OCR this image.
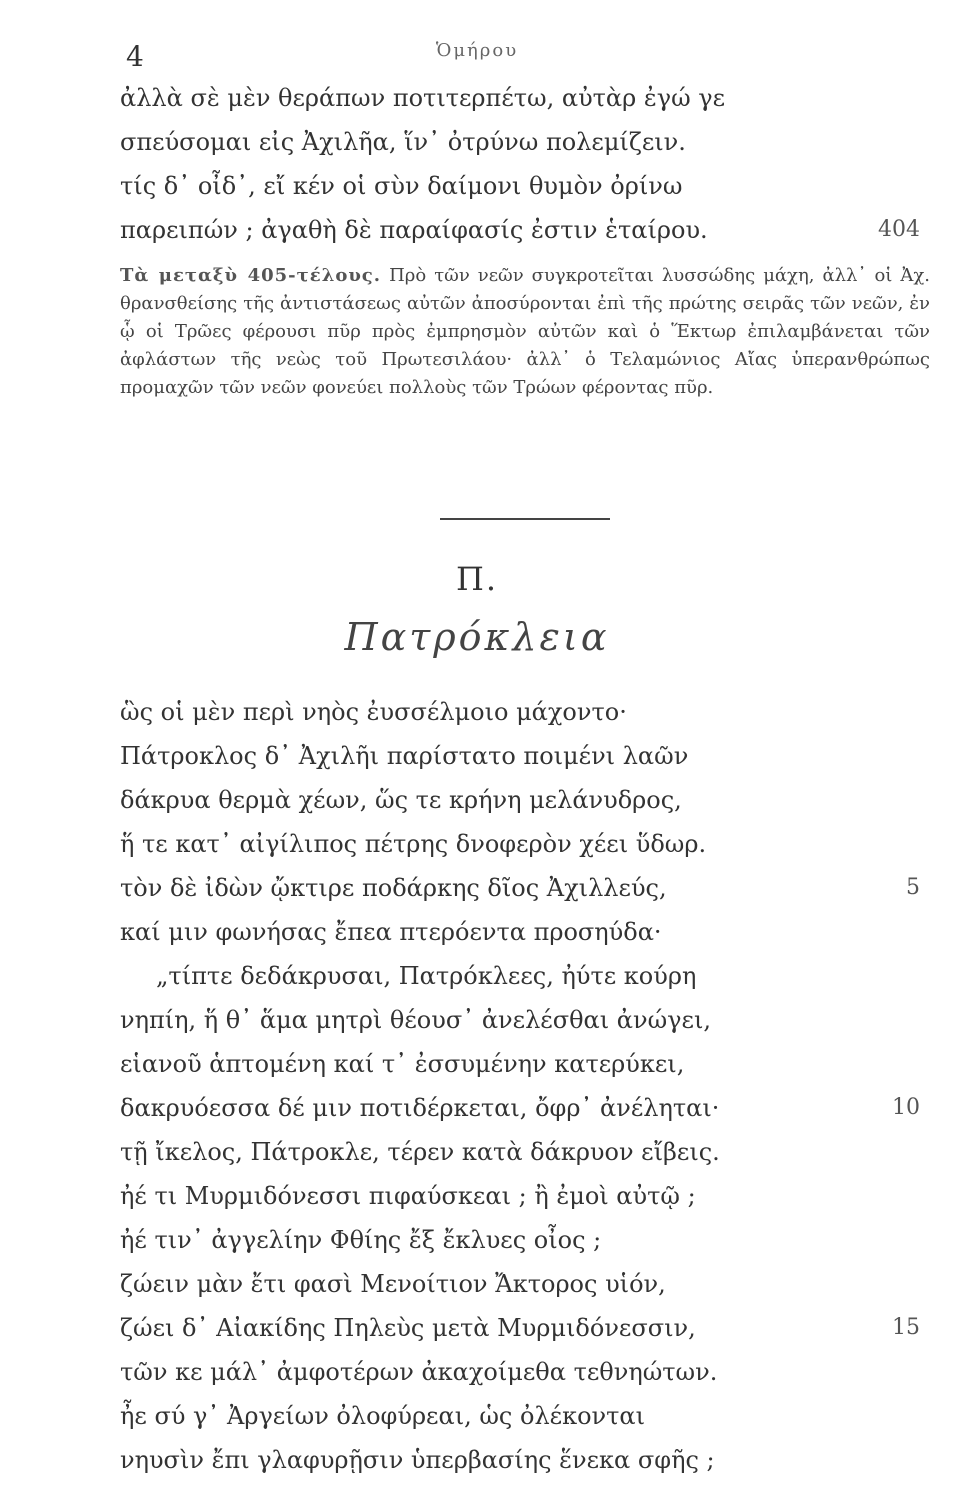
4	Ὁμήρου
ἀλλὰ σὲ μὲν θεράπων ποτιτερπέτω, αὐτὰρ ἐγώ γε
σπεύσομαι εἰς Ἀχιλῆα, ἵν᾽ ὀτρύνω πολεμίζειν.
τίς δ᾽ οἶδ᾽, εἴ κέν οἱ σὺν δαίμονι θυμὸν ὀρίνω
παρειπών ; ἀγαθὴ δὲ παραίφασίς ἐστιν ἑταίρου.	404
Τὰ μεταξὺ 405-τέλους. Πρὸ τῶν νεῶν συγκροτεῖται λυσσώδης μάχη, ἀλλ᾽ οἱ Ἀχ. θρανσθείσης τῆς ἀντιστάσεως αὐτῶν ἀποσύρονται ἐπὶ τῆς πρώτης σειρᾶς τῶν νεῶν, ἐν ᾧ οἱ Τρῶες φέρουσι πῦρ πρὸς ἐμπρησμὸν αὐτῶν καὶ ὁ Ἕκτωρ ἐπιλαμβάνεται τῶν ἀφλάστων τῆς νεὼς τοῦ Πρωτεσιλάου· ἀλλ᾽ ὁ Τελαμώνιος Αἴας ὑπερανθρώπως προμαχῶν τῶν νεῶν φονεύει πολλοὺς τῶν Τρώων φέροντας πῦρ.
Π.
Πατρόκλεια
ὣς οἱ μὲν περὶ νηὸς ἐυσσέλμοιο μάχοντο·
Πάτροκλος δ᾽ Ἀχιλῆι παρίστατο ποιμένι λαῶν
δάκρυα θερμὰ χέων, ὥς τε κρήνη μελάνυδρος,
ἥ τε κατ᾽ αἰγίλιπος πέτρης δνοφερὸν χέει ὕδωρ.
τὸν δὲ ἰδὼν ᾤκτιρε ποδάρκης δῖος Ἀχιλλεύς,	5
καί μιν φωνήσας ἔπεα πτερόεντα προσηύδα·
„τίπτε δεδάκρυσαι, Πατρόκλεες, ἠύτε κούρη
νηπίη, ἥ θ᾽ ἅμα μητρὶ θέουσ᾽ ἀνελέσθαι ἀνώγει,
εἱανοῦ ἁπτομένη καί τ᾽ ἐσσυμένην κατερύκει,
δακρυόεσσα δέ μιν ποτιδέρκεται, ὄφρ᾽ ἀνέληται·	10
τῇ ἴκελος, Πάτροκλε, τέρεν κατὰ δάκρυον εἴβεις.
ἠέ τι Μυρμιδόνεσσι πιφαύσκεαι ; ἢ ἐμοὶ αὐτῷ ;
ἠέ τιν᾽ ἀγγελίην Φθίης ἔξ ἔκλυες οἶος ;
ζώειν μὰν ἔτι φασὶ Μενοίτιον Ἄκτορος υἱόν,
ζώει δ᾽ Αἰακίδης Πηλεὺς μετὰ Μυρμιδόνεσσιν,	15
τῶν κε μάλ᾽ ἀμφοτέρων ἀκαχοίμεθα τεθνηώτων.
ἦε σύ γ᾽ Ἀργείων ὀλοφύρεαι, ὡς ὀλέκονται
νηυσὶν ἔπι γλαφυρῇσιν ὑπερβασίης ἕνεκα σφῆς ;
